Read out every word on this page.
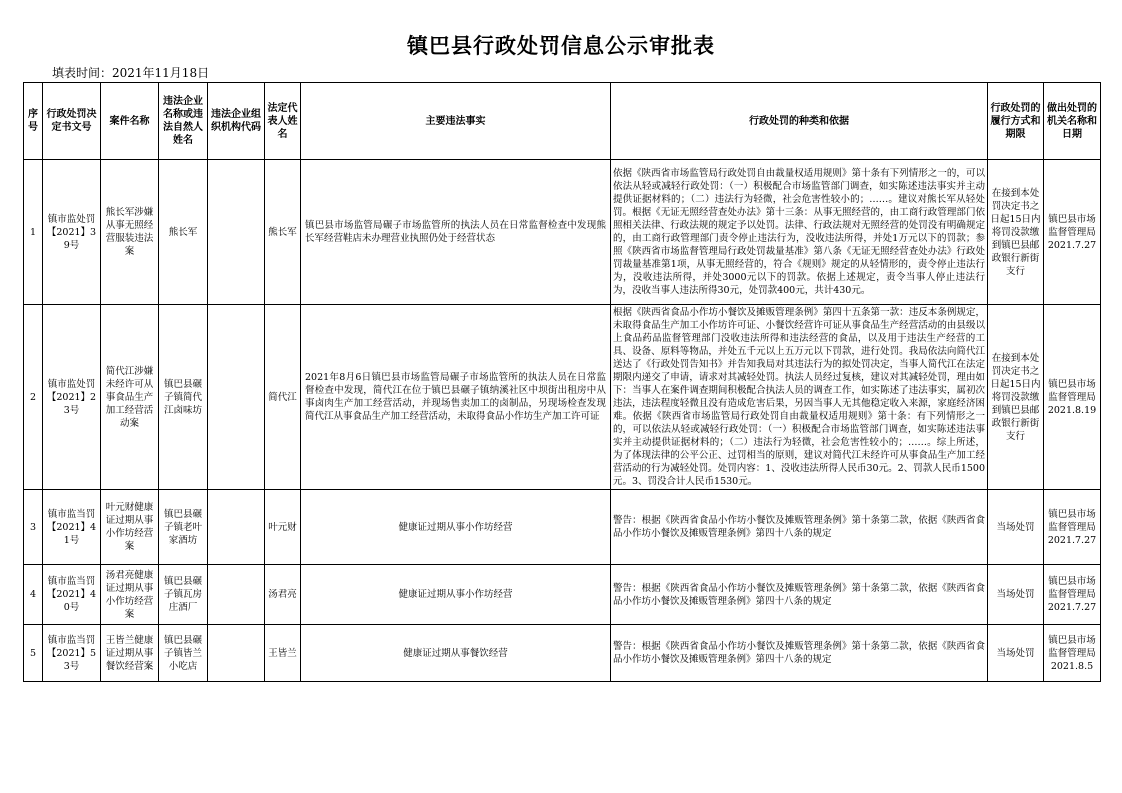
镇巴县行政处罚信息公示审批表
填表时间：2021年11月18日
序号	行政处罚决定书文号	案件名称	违法企业名称或违法自然人姓名	违法企业组织机构代码	法定代表人姓名	主要违法事实	行政处罚的种类和依据	行政处罚的履行方式和期限	做出处罚的机关名称和日期
1	镇市监处罚【2021】39号	熊长军涉嫌从事无照经营服装违法案	熊长军		熊长军	镇巴县市场监管局碾子市场监管所的执法人员在日常监督检查中发现熊长军经营鞋店未办理营业执照仍处于经营状态	依据《陕西省市场监管局行政处罚自由裁量权适用规则》第十条有下列情形之一的，可以依法从轻或减轻行政处罚：（一）积极配合市场监管部门调查，如实陈述违法事实并主动提供证据材料的；（二）违法行为轻微，社会危害性较小的；……。建议对熊长军从轻处罚。根据《无证无照经营查处办法》第十三条：从事无照经营的，由工商行政管理部门依照相关法律、行政法规的规定予以处罚。法律、行政法规对无照经营的处罚没有明确规定的，由工商行政管理部门责令停止违法行为，没收违法所得，并处1万元以下的罚款；参照《陕西省市场监督管理局行政处罚裁量基准》第八条《无证无照经营查处办法》行政处罚裁量基准第1项，从事无照经营的，符合《规则》规定的从轻情形的，责令停止违法行为，没收违法所得，并处3000元以下的罚款。依据上述规定，责令当事人停止违法行为，没收当事人违法所得30元，处罚款400元，共计430元。	在接到本处罚决定书之日起15日内将罚没款缴到镇巴县邮政银行新街支行	镇巴县市场监督管理局2021.7.27
2	镇市监处罚【2021】23号	简代江涉嫌未经许可从事食品生产加工经营活动案	镇巴县碾子镇简代江卤味坊		简代江	2021年8月6日镇巴县市场监管局碾子市场监管所的执法人员在日常监督检查中发现，简代江在位于镇巴县碾子镇纳溪社区中坝街出租房中从事卤肉生产加工经营活动，并现场售卖加工的卤制品，另现场检查发现简代江从事食品生产加工经营活动，未取得食品小作坊生产加工许可证	根据《陕西省食品小作坊小餐饮及摊贩管理条例》第四十五条第一款：违反本条例规定，未取得食品生产加工小作坊许可证、小餐饮经营许可证从事食品生产经营活动的由县级以上食品药品监督管理部门没收违法所得和违法经营的食品，以及用于违法生产经营的工具、设备、原料等物品，并处五千元以上五万元以下罚款，进行处罚。我局依法向简代江送达了《行政处罚告知书》并告知我局对其违法行为的拟处罚决定，当事人简代江在法定期限内递交了申请，请求对其减轻处罚。执法人员经过复核，建议对其减轻处罚，理由如下：当事人在案件调查期间积极配合执法人员的调查工作，如实陈述了违法事实，属初次违法，违法程度轻微且没有造成危害后果，另因当事人无其他稳定收入来源，家庭经济困难。依据《陕西省市场监管局行政处罚自由裁量权适用规则》第十条：有下列情形之一的，可以依法从轻或减轻行政处罚：（一）积极配合市场监管部门调查，如实陈述违法事实并主动提供证据材料的；（二）违法行为轻微，社会危害性较小的；……。综上所述，为了体现法律的公平公正、过罚相当的原则，建议对简代江未经许可从事食品生产加工经营活动的行为减轻处罚。处罚内容：1、没收违法所得人民币30元。2、罚款人民币1500元。3、罚没合计人民币1530元。	在接到本处罚决定书之日起15日内将罚没款缴到镇巴县邮政银行新街支行	镇巴县市场监督管理局2021.8.19
3	镇市监当罚【2021】41号	叶元财健康证过期从事小作坊经营案	镇巴县碾子镇老叶家酒坊		叶元财	健康证过期从事小作坊经营	警告：根据《陕西省食品小作坊小餐饮及摊贩管理条例》第十条第二款，依据《陕西省食品小作坊小餐饮及摊贩管理条例》第四十八条的规定	当场处罚	镇巴县市场监督管理局2021.7.27
4	镇市监当罚【2021】40号	汤君亮健康证过期从事小作坊经营案	镇巴县碾子镇瓦房庄酒厂		汤君亮	健康证过期从事小作坊经营	警告：根据《陕西省食品小作坊小餐饮及摊贩管理条例》第十条第二款，依据《陕西省食品小作坊小餐饮及摊贩管理条例》第四十八条的规定	当场处罚	镇巴县市场监督管理局2021.7.27
5	镇市监当罚【2021】53号	王皆兰健康证过期从事餐饮经营案	镇巴县碾子镇皆兰小吃店		王皆兰	健康证过期从事餐饮经营	警告：根据《陕西省食品小作坊小餐饮及摊贩管理条例》第十条第二款，依据《陕西省食品小作坊小餐饮及摊贩管理条例》第四十八条的规定	当场处罚	镇巴县市场监督管理局2021.8.5
